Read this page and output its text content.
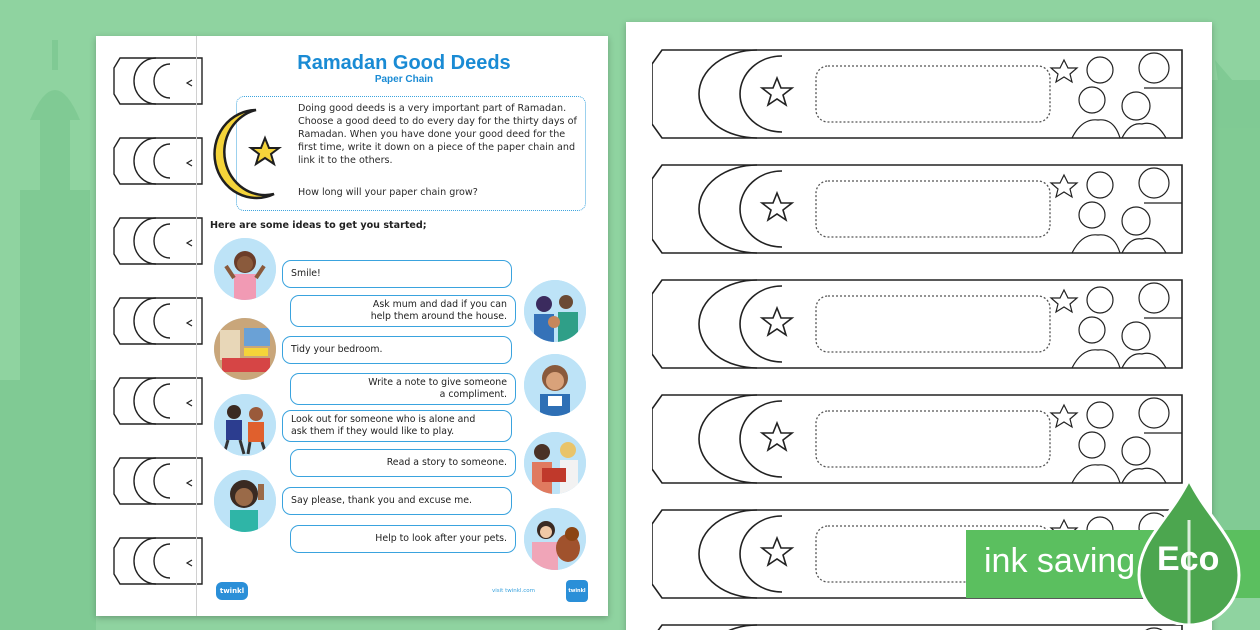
Ramadan Good Deeds
Paper Chain
Doing good deeds is a very important part of Ramadan. Choose a good deed to do every day for the thirty days of Ramadan. When you have done your good deed for the first time, write it down on a piece of the paper chain and link it to the others.
How long will your paper chain grow?
Here are some ideas to get you started;
Smile!
Ask mum and dad if you can
help them around the house.
Tidy your bedroom.
Write a note to give someone
a compliment.
Look out for someone who is alone and
ask them if they would like to play.
Read a story to someone.
Say please, thank you and excuse me.
Help to look after your pets.
twinkl	visit twinkl.com	twinkl
ink saving Eco
